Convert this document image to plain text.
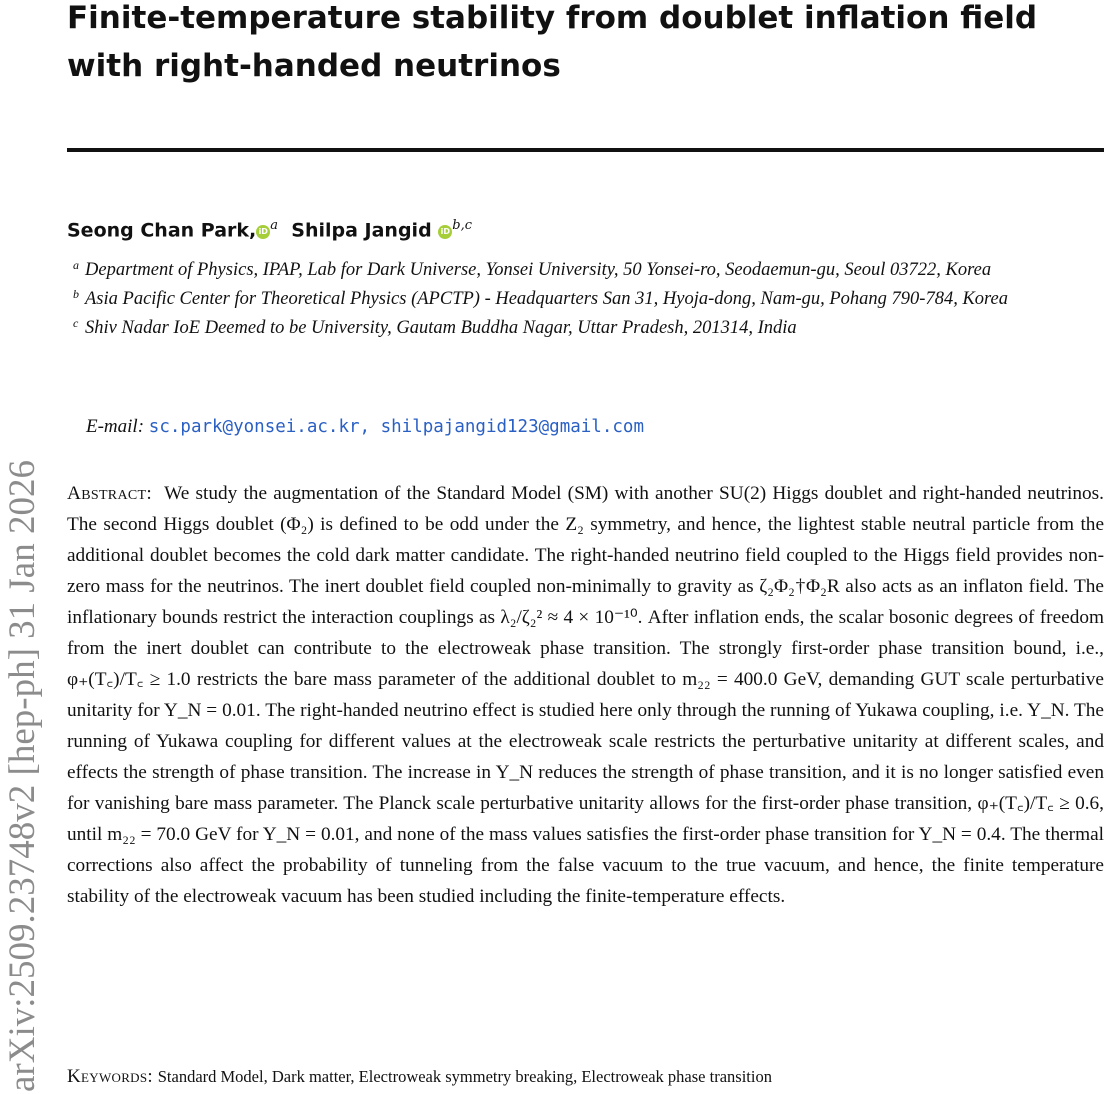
arXiv:2509.23748v2 [hep-ph] 31 Jan 2026
Finite-temperature stability from doublet inflation field with right-handed neutrinos
Seong Chan Park, iD $^a$ Shilpa Jangid iD $^{b,c}$
a Department of Physics, IPAP, Lab for Dark Universe, Yonsei University, 50 Yonsei-ro, Seodaemun-gu, Seoul 03722, Korea
b Asia Pacific Center for Theoretical Physics (APCTP) - Headquarters San 31, Hyoja-dong, Nam-gu, Pohang 790-784, Korea
c Shiv Nadar IoE Deemed to be University, Gautam Buddha Nagar, Uttar Pradesh, 201314, India
E-mail: sc.park@yonsei.ac.kr, shilpajangid123@gmail.com
Abstract: We study the augmentation of the Standard Model (SM) with another SU(2) Higgs doublet and right-handed neutrinos. The second Higgs doublet (Φ₂) is defined to be odd under the Z₂ symmetry, and hence, the lightest stable neutral particle from the additional doublet becomes the cold dark matter candidate. The right-handed neutrino field coupled to the Higgs field provides non-zero mass for the neutrinos. The inert doublet field coupled non-minimally to gravity as ζ₂Φ₂†Φ₂R also acts as an inflaton field. The inflationary bounds restrict the interaction couplings as λ₂/ζ₂² ≈ 4 × 10⁻¹⁰. After inflation ends, the scalar bosonic degrees of freedom from the inert doublet can contribute to the electroweak phase transition. The strongly first-order phase transition bound, i.e., φ₊(T꜀)/T꜀ ≥ 1.0 restricts the bare mass parameter of the additional doublet to m₂₂ = 400.0 GeV, demanding GUT scale perturbative unitarity for Y_N = 0.01. The right-handed neutrino effect is studied here only through the running of Yukawa coupling, i.e. Y_N. The running of Yukawa coupling for different values at the electroweak scale restricts the perturbative unitarity at different scales, and effects the strength of phase transition. The increase in Y_N reduces the strength of phase transition, and it is no longer satisfied even for vanishing bare mass parameter. The Planck scale perturbative unitarity allows for the first-order phase transition, φ₊(T꜀)/T꜀ ≥ 0.6, until m₂₂ = 70.0 GeV for Y_N = 0.01, and none of the mass values satisfies the first-order phase transition for Y_N = 0.4. The thermal corrections also affect the probability of tunneling from the false vacuum to the true vacuum, and hence, the finite temperature stability of the electroweak vacuum has been studied including the finite-temperature effects.
Keywords: Standard Model, Dark matter, Electroweak symmetry breaking, Electroweak phase transition
